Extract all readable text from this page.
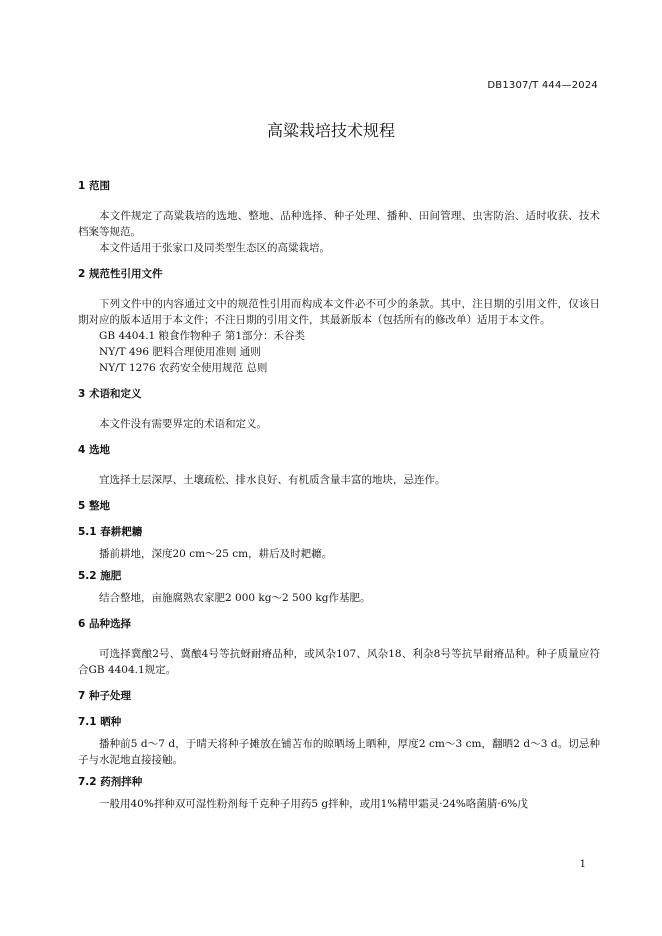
DB1307/T 444—2024
高粱栽培技术规程
1 范围
本文件规定了高粱栽培的选地、整地、品种选择、种子处理、播种、田间管理、虫害防治、适时收获、技术档案等规范。
本文件适用于张家口及同类型生态区的高粱栽培。
2 规范性引用文件
下列文件中的内容通过文中的规范性引用而构成本文件必不可少的条款。其中，注日期的引用文件，仅该日期对应的版本适用于本文件；不注日期的引用文件，其最新版本（包括所有的修改单）适用于本文件。
GB 4404.1 粮食作物种子 第1部分：禾谷类
NY/T 496 肥料合理使用准则 通则
NY/T 1276 农药安全使用规范 总则
3 术语和定义
本文件没有需要界定的术语和定义。
4 选地
宜选择土层深厚、土壤疏松、排水良好、有机质含量丰富的地块，忌连作。
5 整地
5.1 春耕耙耱
播前耕地，深度20 cm～25 cm，耕后及时耙耱。
5.2 施肥
结合整地，亩施腐熟农家肥2 000 kg～2 500 kg作基肥。
6 品种选择
可选择冀酿2号、冀酿4号等抗蚜耐瘠品种，或风杂107、风杂18、利杂8号等抗旱耐瘠品种。种子质量应符合GB 4404.1规定。
7 种子处理
7.1 晒种
播种前5 d～7 d，于晴天将种子摊放在铺苫布的晾晒场上晒种，厚度2 cm～3 cm，翻晒2 d～3 d。切忌种子与水泥地直接接触。
7.2 药剂拌种
一般用40%拌种双可湿性粉剂每千克种子用药5 g拌种，或用1%精甲霜灵·24%咯菌腈·6%戊
1
